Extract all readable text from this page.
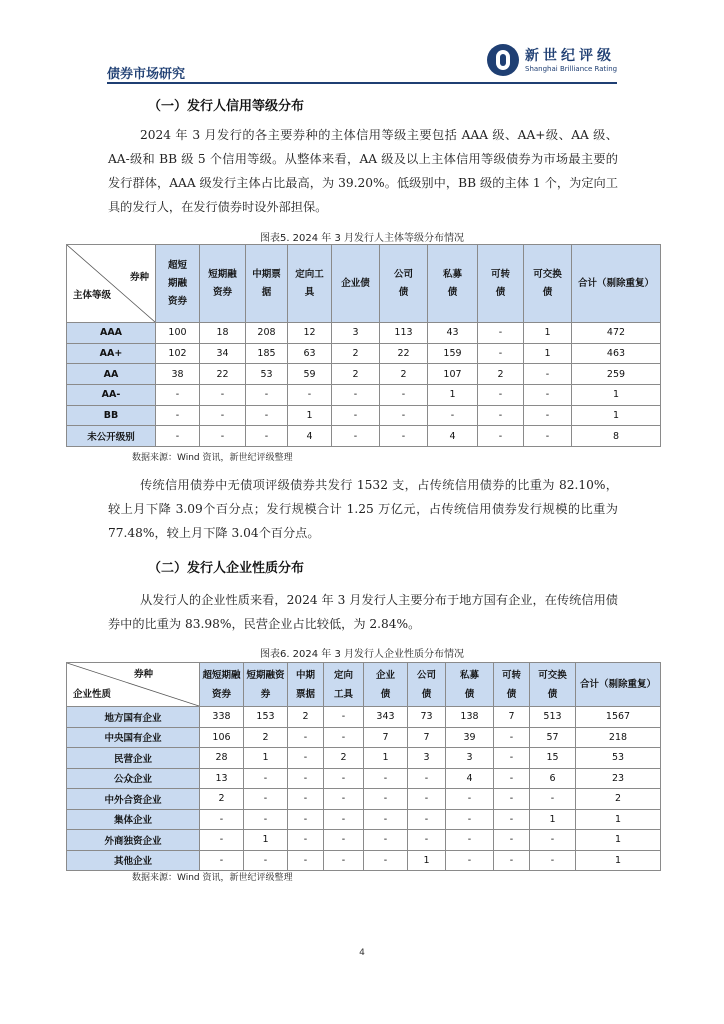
债券市场研究
新世纪评级
Shanghai Brilliance Rating
（一）发行人信用等级分布

2024 年 3 月发行的各主要券种的主体信用等级主要包括 AAA 级、AA+级、AA 级、AA-级和 BB 级 5 个信用等级。从整体来看，AA 级及以上主体信用等级债券为市场最主要的发行群体，AAA 级发行主体占比最高，为 39.20%。低级别中，BB 级的主体 1 个，为定向工具的发行人，在发行债券时设外部担保。

图表5. 2024 年 3 月发行人主体等级分布情况
券种
主体等级	超短期融资券	短期融资券	中期票据	定向工具	企业债	公司债	私募债	可转债	可交换债	合计（剔除重复）
AAA	100	18	208	12	3	113	43	-	1	472
AA+	102	34	185	63	2	22	159	-	1	463
AA	38	22	53	59	2	2	107	2	-	259
AA-	-	-	-	-	-	-	1	-	-	1
BB	-	-	-	1	-	-	-	-	-	1
未公开级别	-	-	-	4	-	-	4	-	-	8
数据来源：Wind 资讯，新世纪评级整理

传统信用债券中无债项评级债券共发行 1532 支，占传统信用债券的比重为 82.10%，较上月下降 3.09个百分点；发行规模合计 1.25 万亿元，占传统信用债券发行规模的比重为 77.48%，较上月下降 3.04个百分点。

（二）发行人企业性质分布

从发行人的企业性质来看，2024 年 3 月发行人主要分布于地方国有企业，在传统信用债券中的比重为 83.98%，民营企业占比较低，为 2.84%。

图表6. 2024 年 3 月发行人企业性质分布情况
券种
企业性质	超短期融资券	短期融资券	中期票据	定向工具	企业债	公司债	私募债	可转债	可交换债	合计（剔除重复）
地方国有企业	338	153	2	-	343	73	138	7	513	1567
中央国有企业	106	2	-	-	7	7	39	-	57	218
民营企业	28	1	-	2	1	3	3	-	15	53
公众企业	13	-	-	-	-	-	4	-	6	23
中外合资企业	2	-	-	-	-	-	-	-	-	2
集体企业	-	-	-	-	-	-	-	-	1	1
外商独资企业	-	1	-	-	-	-	-	-	-	1
其他企业	-	-	-	-	-	1	-	-	-	1
数据来源：Wind 资讯，新世纪评级整理
4
